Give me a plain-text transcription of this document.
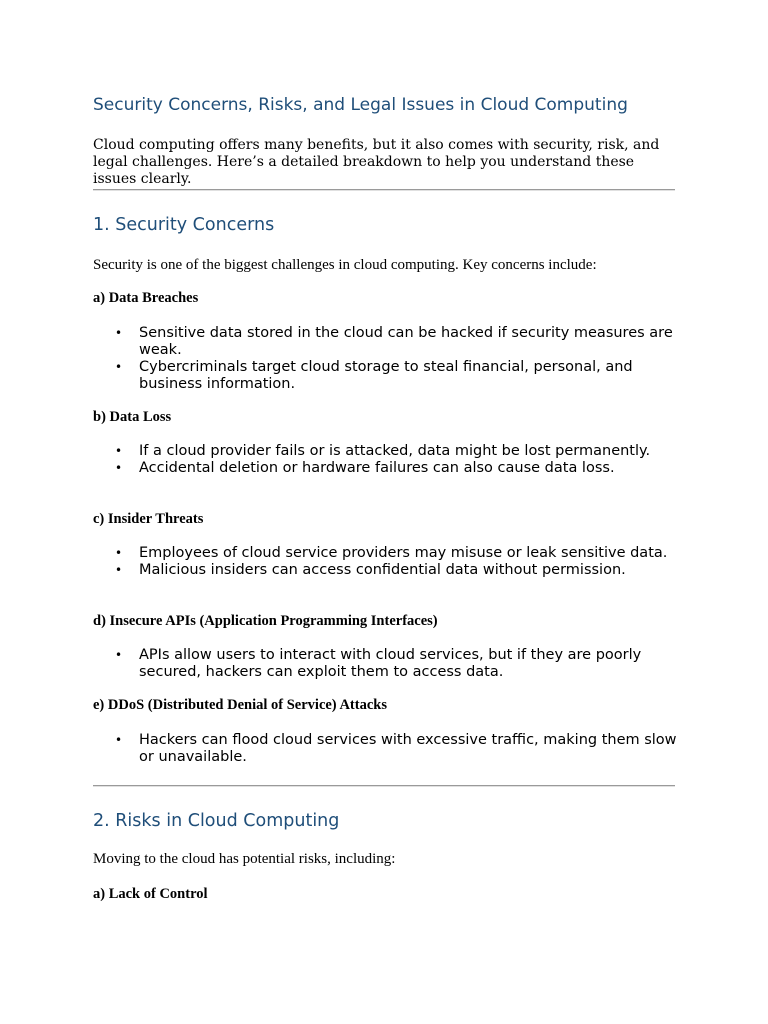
Security Concerns, Risks, and Legal Issues in Cloud Computing

Cloud computing offers many benefits, but it also comes with security, risk, and legal challenges. Here’s a detailed breakdown to help you understand these issues clearly.

1. Security Concerns

Security is one of the biggest challenges in cloud computing. Key concerns include:

a) Data Breaches
• Sensitive data stored in the cloud can be hacked if security measures are weak.
• Cybercriminals target cloud storage to steal financial, personal, and business information.
b) Data Loss
• If a cloud provider fails or is attacked, data might be lost permanently.
• Accidental deletion or hardware failures can also cause data loss.
c) Insider Threats
• Employees of cloud service providers may misuse or leak sensitive data.
• Malicious insiders can access confidential data without permission.
d) Insecure APIs (Application Programming Interfaces)
• APIs allow users to interact with cloud services, but if they are poorly secured, hackers can exploit them to access data.
e) DDoS (Distributed Denial of Service) Attacks
• Hackers can flood cloud services with excessive traffic, making them slow or unavailable.
2. Risks in Cloud Computing

Moving to the cloud has potential risks, including:

a) Lack of Control
